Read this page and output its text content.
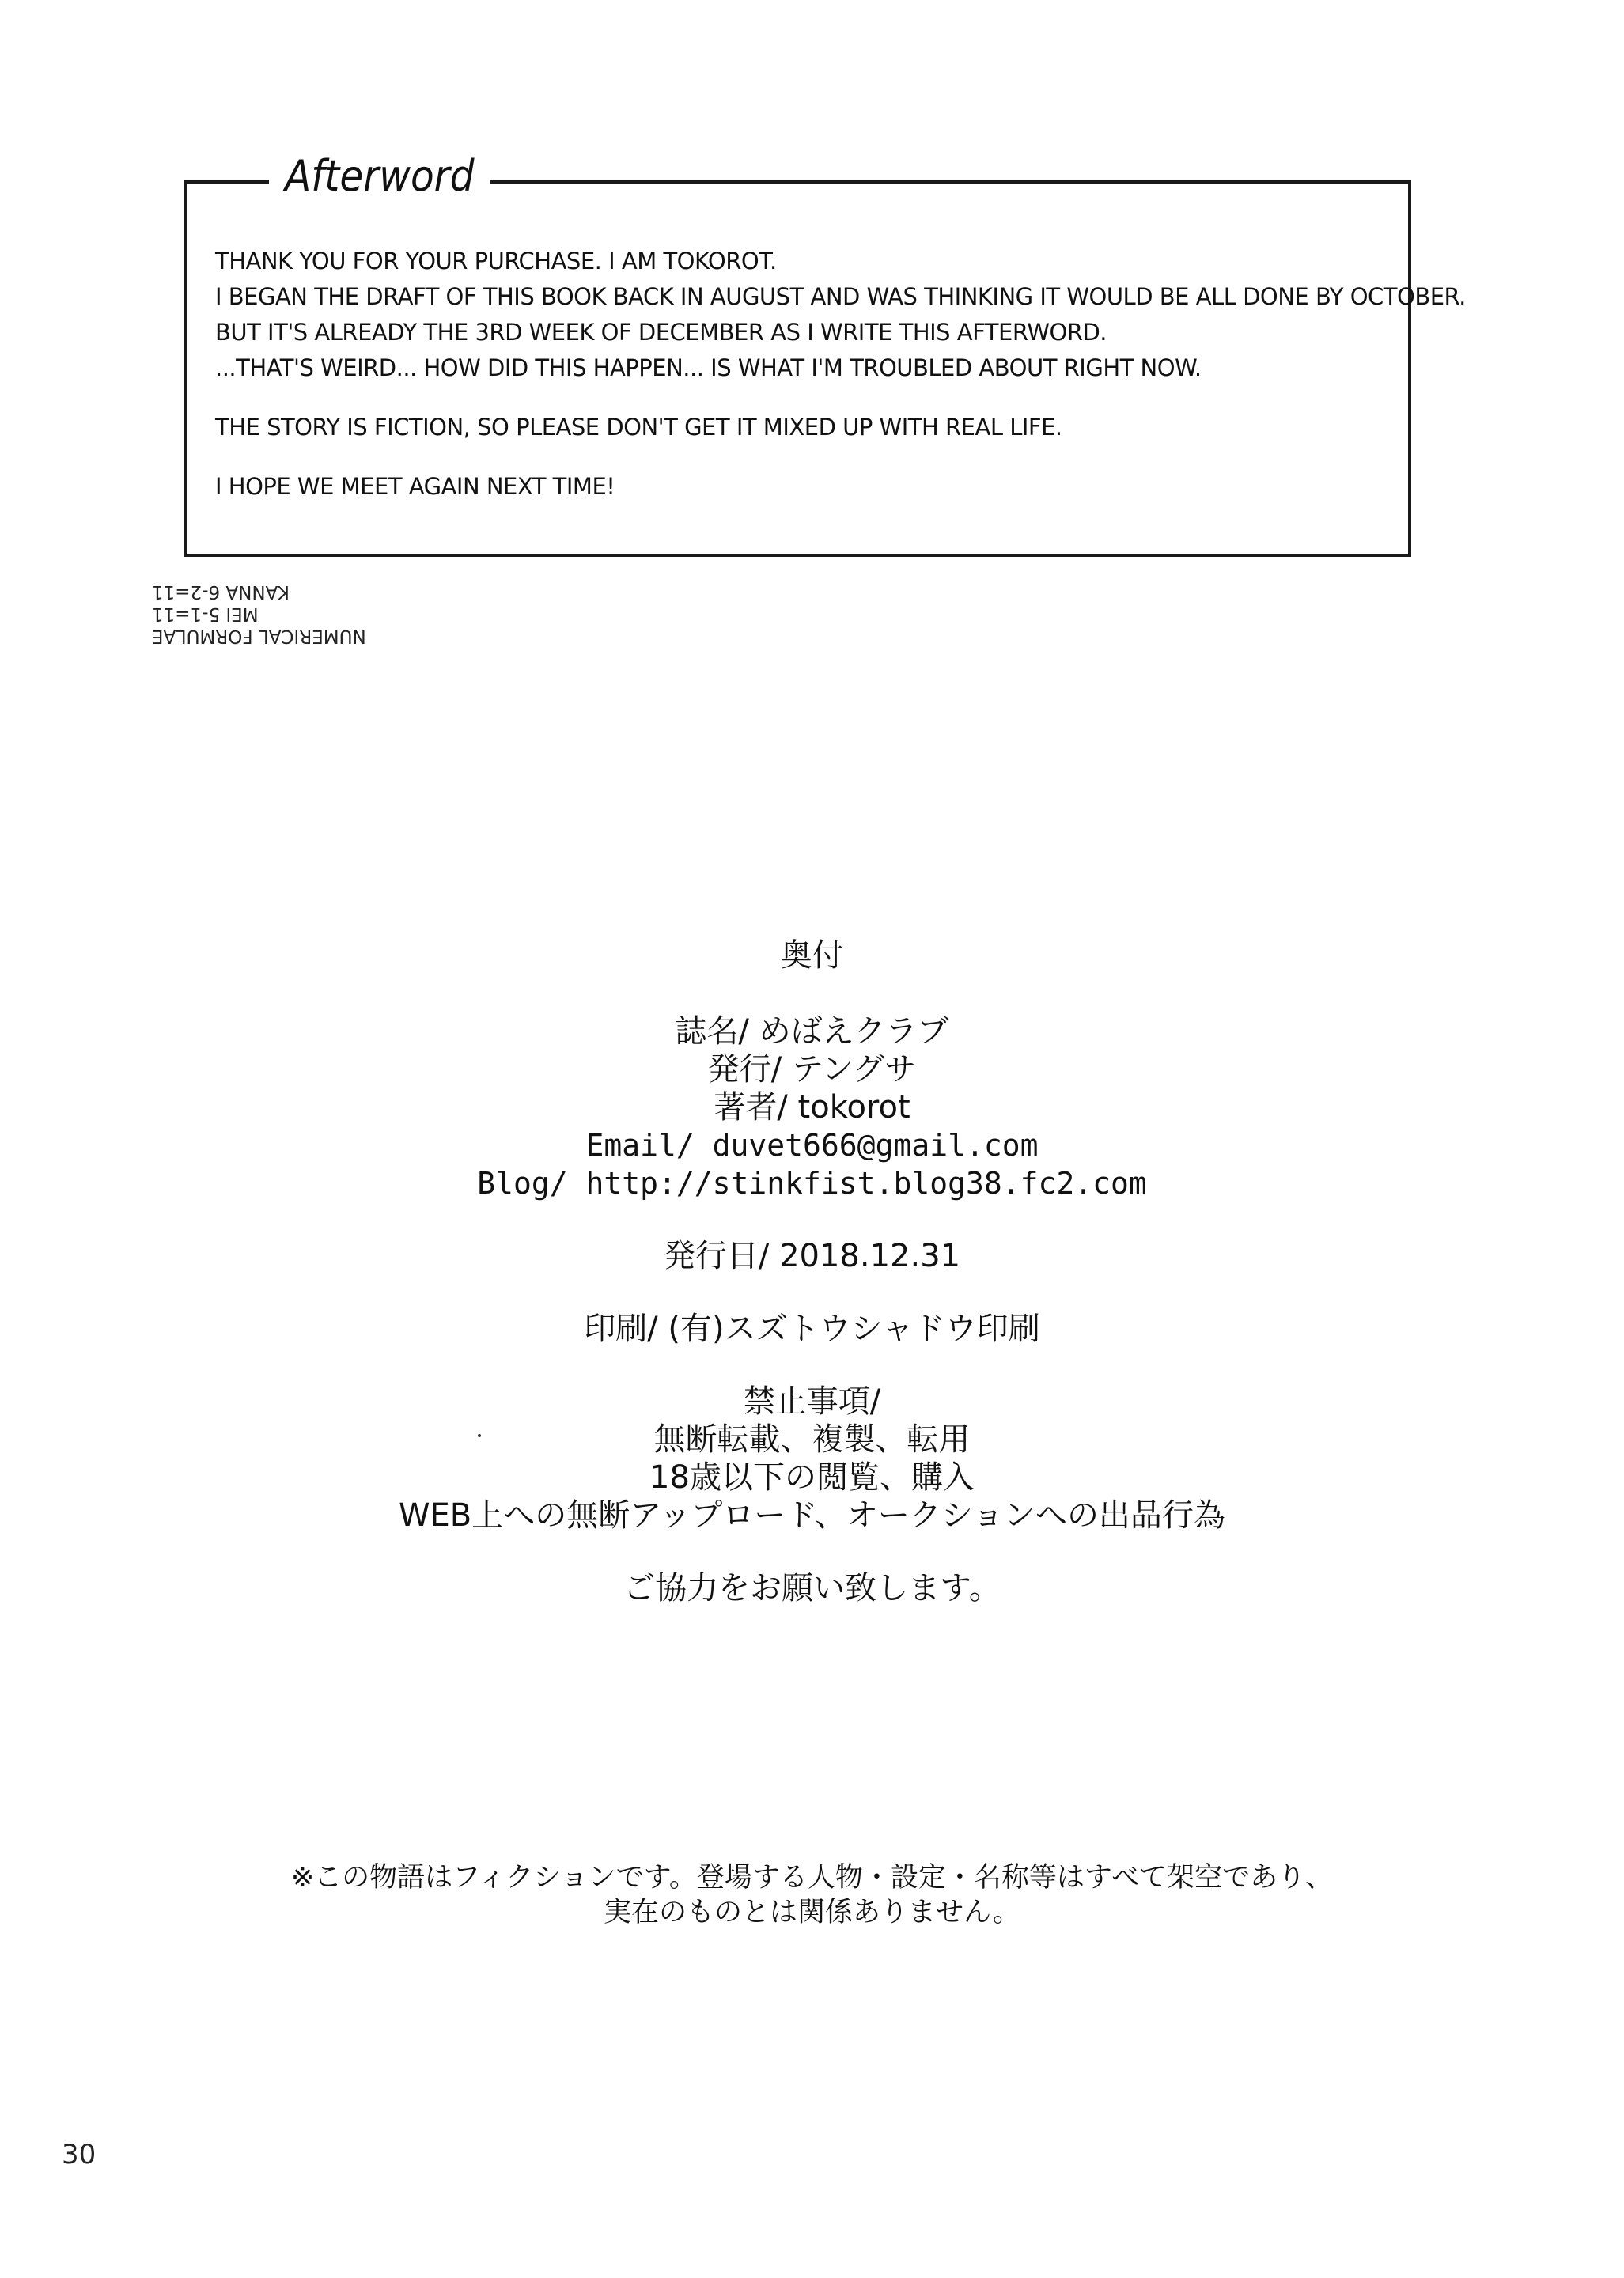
Afterword
THANK YOU FOR YOUR PURCHASE. I AM TOKOROT.
I BEGAN THE DRAFT OF THIS BOOK BACK IN AUGUST AND WAS THINKING IT WOULD BE ALL DONE BY OCTOBER.
BUT IT'S ALREADY THE 3RD WEEK OF DECEMBER AS I WRITE THIS AFTERWORD.
...THAT'S WEIRD... HOW DID THIS HAPPEN... IS WHAT I'M TROUBLED ABOUT RIGHT NOW.
THE STORY IS FICTION, SO PLEASE DON'T GET IT MIXED UP WITH REAL LIFE.
I HOPE WE MEET AGAIN NEXT TIME!
NUMERICAL FORMULAE
MEI 5-1=11
KANNA 6-2=11
奥付
誌名/ めばえクラブ
発行/ テングサ
著者/ tokorot
Email/ duvet666@gmail.com
Blog/ http://stinkfist.blog38.fc2.com
発行日/ 2018.12.31
印刷/ (有)スズトウシャドウ印刷
禁止事項/
無断転載、複製、転用
18歳以下の閲覧、購入
WEB上への無断アップロード、オークションへの出品行為
ご協力をお願い致します。
※この物語はフィクションです。登場する人物・設定・名称等はすべて架空であり、
実在のものとは関係ありません。
30
